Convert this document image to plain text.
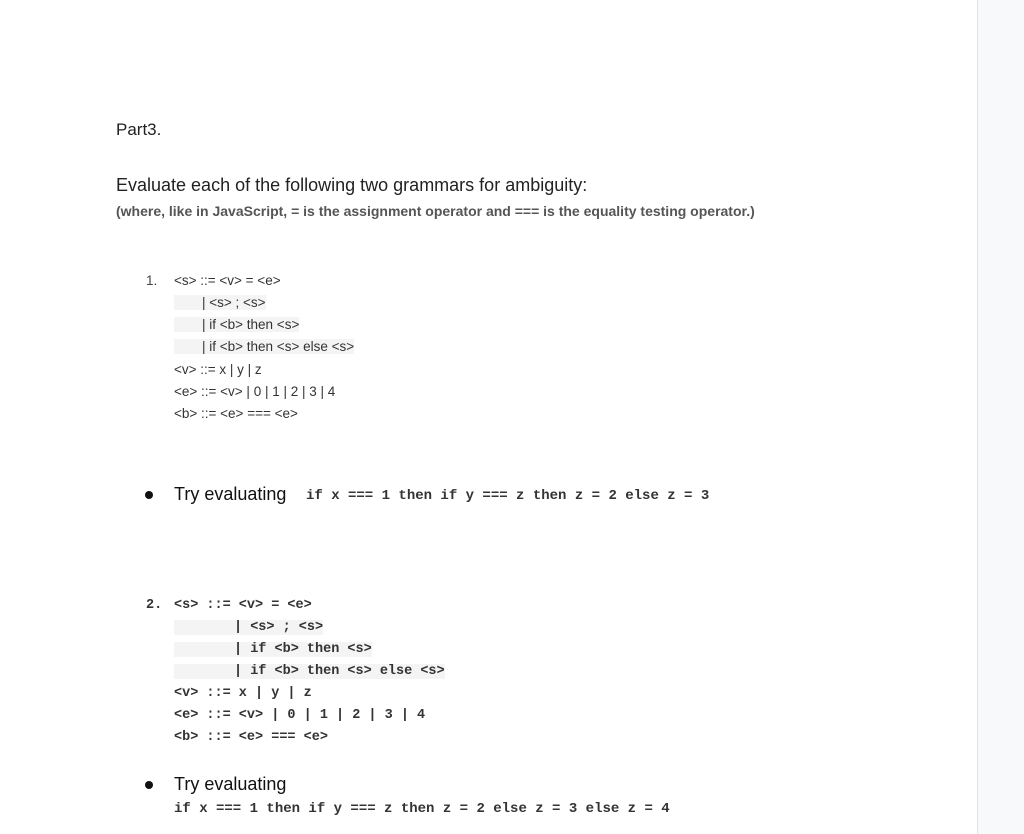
Part3.
Evaluate each of the following two grammars for ambiguity:
(where, like in JavaScript, = is the assignment operator and === is the equality testing operator.)
1. <s> ::= <v> = <e>
| <s> ; <s>
| if <b> then <s>
| if <b> then <s> else <s>
<v> ::= x | y | z
<e> ::= <v> | 0 | 1 | 2 | 3 | 4
<b> ::= <e> === <e>
Try evaluating if x === 1 then if y === z then z = 2 else z = 3
2. <s> ::= <v> = <e>
| <s> ; <s>
| if <b> then <s>
| if <b> then <s> else <s>
<v> ::= x | y | z
<e> ::= <v> | 0 | 1 | 2 | 3 | 4
<b> ::= <e> === <e>
Try evaluating
if x === 1 then if y === z then z = 2 else z = 3 else z = 4
